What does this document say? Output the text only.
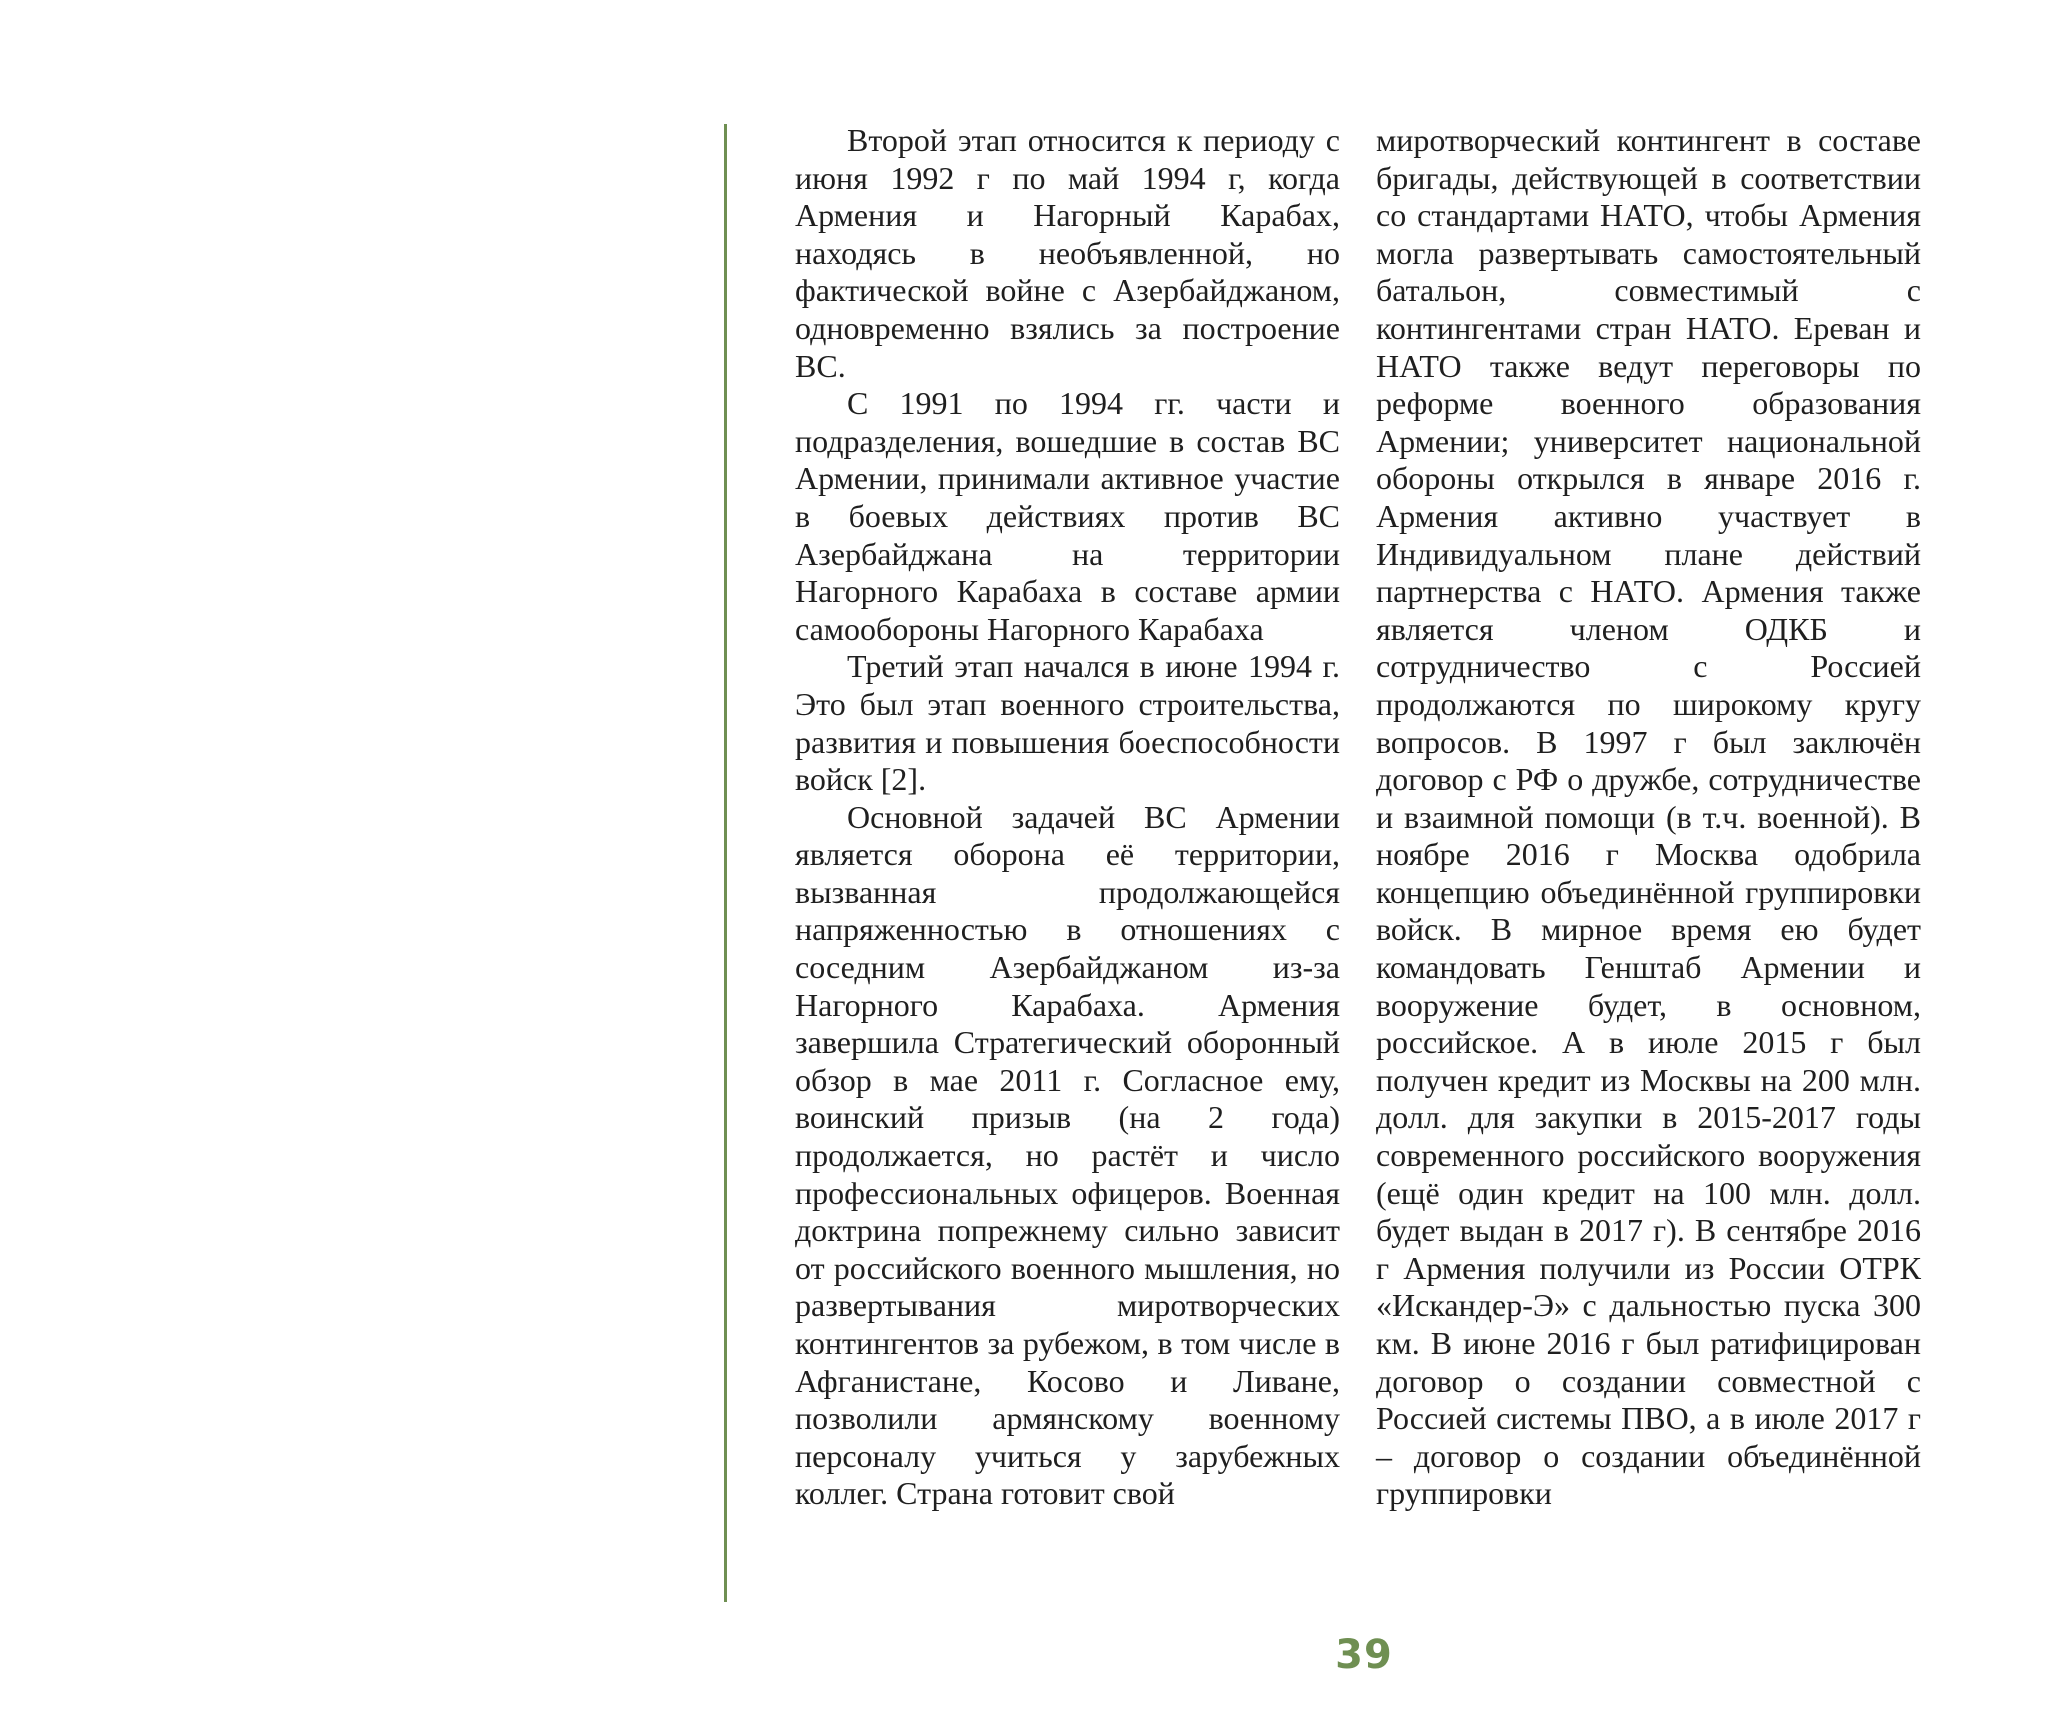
Второй этап относится к периоду с июня 1992 г по май 1994 г, когда Армения и Нагорный Карабах, находясь в необъявленной, но фактической войне с Азербайджаном, одновременно взялись за построение ВС.

С 1991 по 1994 гг. части и подразделения, вошедшие в состав ВС Армении, принимали активное участие в боевых действиях против ВС Азербайджана на территории Нагорного Карабаха в составе армии самообороны Нагорного Карабаха

Третий этап начался в июне 1994 г. Это был этап военного строительства, развития и повышения боеспособности войск [2].

Основной задачей ВС Армении является оборона её территории, вызванная продолжающейся напряженностью в отношениях с соседним Азербайджаном из-за Нагорного Карабаха. Армения завершила Стратегический оборонный обзор в мае 2011 г. Согласное ему, воинский призыв (на 2 года) продолжается, но растёт и число профессиональных офицеров. Военная доктрина попрежнему сильно зависит от российского военного мышления, но развертывания миротворческих контингентов за рубежом, в том числе в Афганистане, Косово и Ливане, позволили армянскому военному персоналу учиться у зарубежных коллег. Страна готовит свой

миротворческий контингент в составе бригады, действующей в соответствии со стандартами НАТО, чтобы Армения могла развертывать самостоятельный батальон, совместимый с контингентами стран НАТО. Ереван и НАТО также ведут переговоры по реформе военного образования Армении; университет национальной обороны открылся в январе 2016 г. Армения активно участвует в Индивидуальном плане действий партнерства с НАТО. Армения также является членом ОДКБ и сотрудничество с Россией продолжаются по широкому кругу вопросов. В 1997 г был заключён договор с РФ о дружбе, сотрудничестве и взаимной помощи (в т.ч. военной). В ноябре 2016 г Москва одобрила концепцию объединённой группировки войск. В мирное время ею будет командовать Генштаб Армении и вооружение будет, в основном, российское. А в июле 2015 г был получен кредит из Москвы на 200 млн. долл. для закупки в 2015-2017 годы современного российского вооружения (ещё один кредит на 100 млн. долл. будет выдан в 2017 г). В сентябре 2016 г Армения получили из России ОТРК «Искандер-Э» с дальностью пуска 300 км. В июне 2016 г был ратифицирован договор о создании совместной с Россией системы ПВО, а в июле 2017 г – договор о создании объединённой группировки

39
